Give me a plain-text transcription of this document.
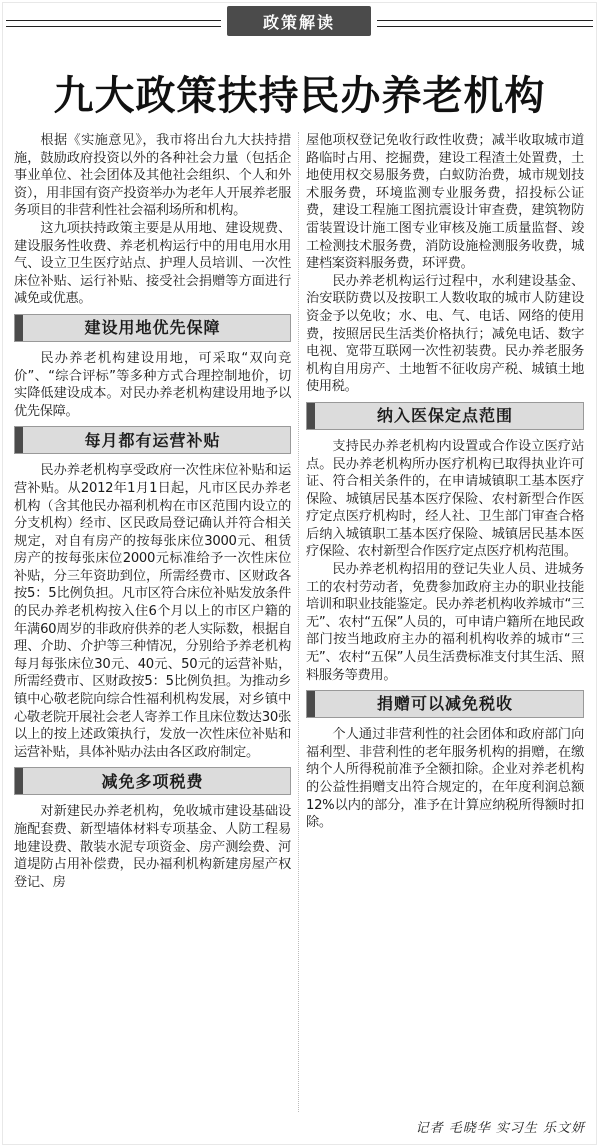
政策解读
九大政策扶持民办养老机构

根据《实施意见》，我市将出台九大扶持措施，鼓励政府投资以外的各种社会力量（包括企事业单位、社会团体及其他社会组织、个人和外资），用非国有资产投资举办为老年人开展养老服务项目的非营利性社会福利场所和机构。

这九项扶持政策主要是从用地、建设规费、建设服务性收费、养老机构运行中的用电用水用气、设立卫生医疗站点、护理人员培训、一次性床位补贴、运行补贴、接受社会捐赠等方面进行减免或优惠。

建设用地优先保障

民办养老机构建设用地，可采取“双向竞价”、“综合评标”等多种方式合理控制地价，切实降低建设成本。对民办养老机构建设用地予以优先保障。

每月都有运营补贴

民办养老机构享受政府一次性床位补贴和运营补贴。从2012年1月1日起，凡市区民办养老机构（含其他民办福利机构在市区范围内设立的分支机构）经市、区民政局登记确认并符合相关规定，对自有房产的按每张床位3000元、租赁房产的按每张床位2000元标准给予一次性床位补贴，分三年资助到位，所需经费市、区财政各按5：5比例负担。凡市区符合床位补贴发放条件的民办养老机构按入住6个月以上的市区户籍的年满60周岁的非政府供养的老人实际数，根据自理、介助、介护等三种情况，分别给予养老机构每月每张床位30元、40元、50元的运营补贴，所需经费市、区财政按5：5比例负担。为推动乡镇中心敬老院向综合性福利机构发展，对乡镇中心敬老院开展社会老人寄养工作且床位数达30张以上的按上述政策执行，发放一次性床位补贴和运营补贴，具体补贴办法由各区政府制定。

减免多项税费

对新建民办养老机构，免收城市建设基础设施配套费、新型墙体材料专项基金、人防工程易地建设费、散装水泥专项资金、房产测绘费、河道堤防占用补偿费，民办福利机构新建房屋产权登记、房

屋他项权登记免收行政性收费；减半收取城市道路临时占用、挖掘费，建设工程渣土处置费，土地使用权交易服务费，白蚁防治费，城市规划技术服务费，环境监测专业服务费，招投标公证费，建设工程施工图抗震设计审查费，建筑物防雷装置设计施工图专业审核及施工质量监督、竣工检测技术服务费，消防设施检测服务收费，城建档案资料服务费，环评费。

民办养老机构运行过程中，水利建设基金、治安联防费以及按职工人数收取的城市人防建设资金予以免收；水、电、气、电话、网络的使用费，按照居民生活类价格执行；减免电话、数字电视、宽带互联网一次性初装费。民办养老服务机构自用房产、土地暂不征收房产税、城镇土地使用税。

纳入医保定点范围

支持民办养老机构内设置或合作设立医疗站点。民办养老机构所办医疗机构已取得执业许可证、符合相关条件的，在申请城镇职工基本医疗保险、城镇居民基本医疗保险、农村新型合作医疗定点医疗机构时，经人社、卫生部门审查合格后纳入城镇职工基本医疗保险、城镇居民基本医疗保险、农村新型合作医疗定点医疗机构范围。

民办养老机构招用的登记失业人员、进城务工的农村劳动者，免费参加政府主办的职业技能培训和职业技能鉴定。民办养老机构收养城市“三无”、农村“五保”人员的，可申请户籍所在地民政部门按当地政府主办的福利机构收养的城市“三无”、农村“五保”人员生活费标准支付其生活、照料服务等费用。

捐赠可以减免税收

个人通过非营利性的社会团体和政府部门向福利型、非营利性的老年服务机构的捐赠，在缴纳个人所得税前准予全额扣除。企业对养老机构的公益性捐赠支出符合规定的，在年度利润总额12%以内的部分，准予在计算应纳税所得额时扣除。

记者 毛晓华 实习生 乐文妍
